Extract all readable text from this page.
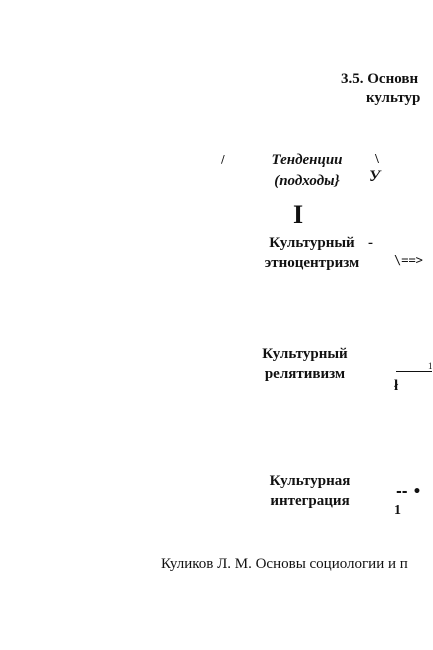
3.5. Основн
культур
/	Тенденции
(подходы}
\
У
I
Культурный
этноцентризм
-
\==>
Культурный
релятивизм	1
ł
Культурная
интеграция
-- •
1
Куликов Л. М. Основы социологии и п
